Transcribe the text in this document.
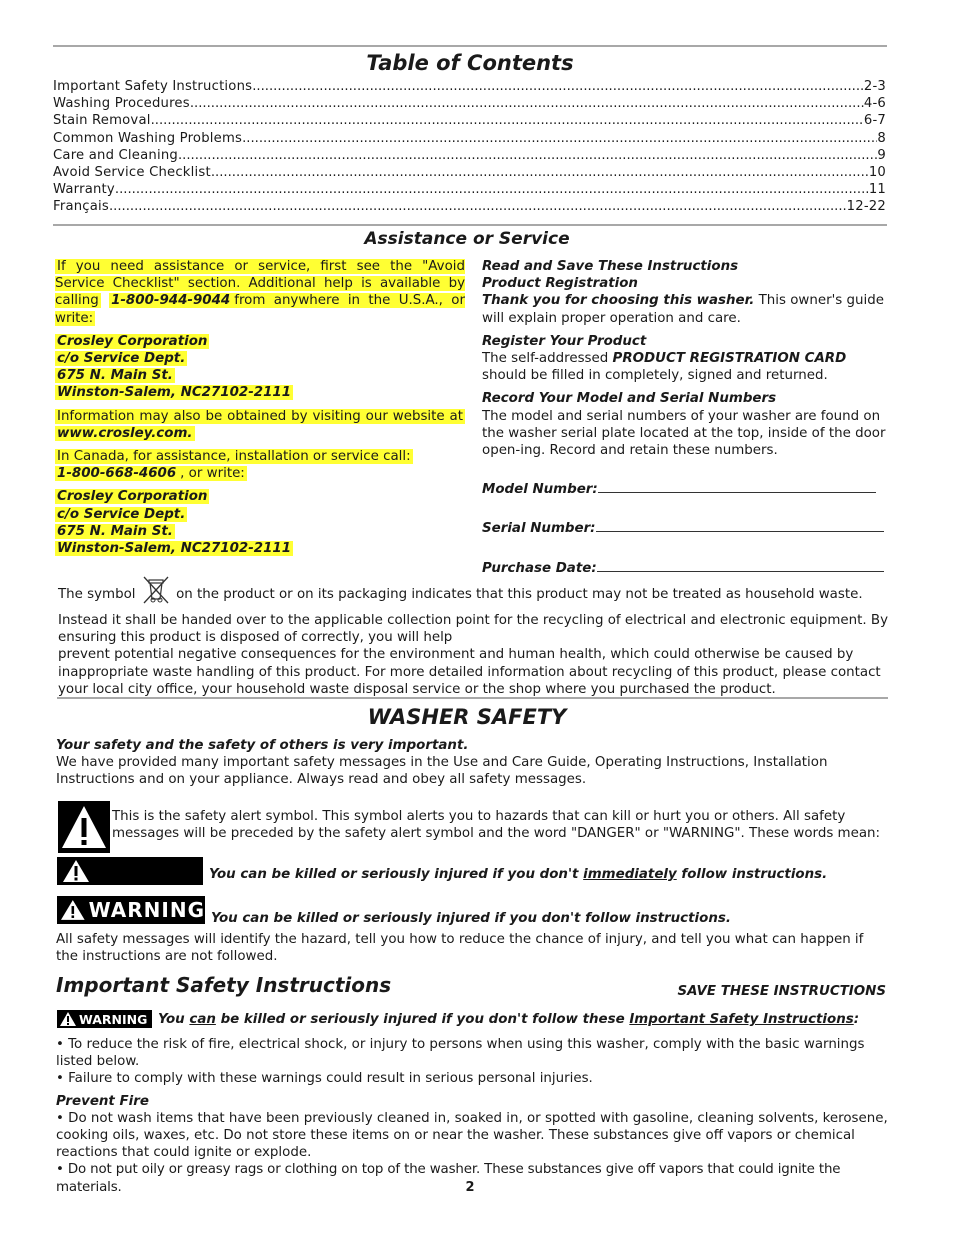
Table of Contents
Important Safety Instructions .....	2-3
Washing Procedures .....	4-6
Stain Removal .....	6-7
Common Washing Problems .....	8
Care and Cleaning .....	9
Avoid Service Checklist .....	10
Warranty .....	11
Français .....	12-22
Assistance or Service
If you need assistance or service, first see the "Avoid Service Checklist" section. Additional help is available by calling 1-800-944-9044 from anywhere in the U.S.A., or write:
Crosley Corporation
c/o Service Dept.
675 N. Main St.
Winston-Salem, NC27102-2111
Information may also be obtained by visiting our website at www.crosley.com.
In Canada, for assistance, installation or service call:
1-800-668-4606 , or write:
Crosley Corporation
c/o Service Dept.
675 N. Main St.
Winston-Salem, NC27102-2111
Read and Save These Instructions
Product Registration
Thank you for choosing this washer. This owner's guide will explain proper operation and care.
Register Your Product
The self-addressed PRODUCT REGISTRATION CARD should be filled in completely, signed and returned.
Record Your Model and Serial Numbers
The model and serial numbers of your washer are found on the washer serial plate located at the top, inside of the door open-ing. Record and retain these numbers.
Model Number:
Serial Number:
Purchase Date:
The symbol	on the product or on its packaging indicates that this product may not be treated as household waste. Instead it shall be handed over to the applicable collection point for the recycling of electrical and electronic equipment. By ensuring this product is disposed of correctly, you will help
prevent potential negative consequences for the environment and human health, which could otherwise be caused by inappropriate waste handling of this product. For more detailed information about recycling of this product, please contact your local city office, your household waste disposal service or the shop where you purchased the product.
WASHER SAFETY
Your safety and the safety of others is very important.
We have provided many important safety messages in the Use and Care Guide, Operating Instructions, Installation Instructions and on your appliance. Always read and obey all safety messages.
This is the safety alert symbol. This symbol alerts you to hazards that can kill or hurt you or others. All safety messages will be preceded by the safety alert symbol and the word "DANGER" or "WARNING". These words mean:
You can be killed or seriously injured if you don't immediately follow instructions.
WARNING You can be killed or seriously injured if you don't follow instructions.
All safety messages will identify the hazard, tell you how to reduce the chance of injury, and tell you what can happen if the instructions are not followed.
Important Safety Instructions	SAVE THESE INSTRUCTIONS
WARNING You can be killed or seriously injured if you don't follow these Important Safety Instructions:
• To reduce the risk of fire, electrical shock, or injury to persons when using this washer, comply with the basic warnings listed below.
• Failure to comply with these warnings could result in serious personal injuries.
Prevent Fire
• Do not wash items that have been previously cleaned in, soaked in, or spotted with gasoline, cleaning solvents, kerosene, cooking oils, waxes, etc. Do not store these items on or near the washer. These substances give off vapors or chemical reactions that could ignite or explode.
• Do not put oily or greasy rags or clothing on top of the washer. These substances give off vapors that could ignite the materials.	2
